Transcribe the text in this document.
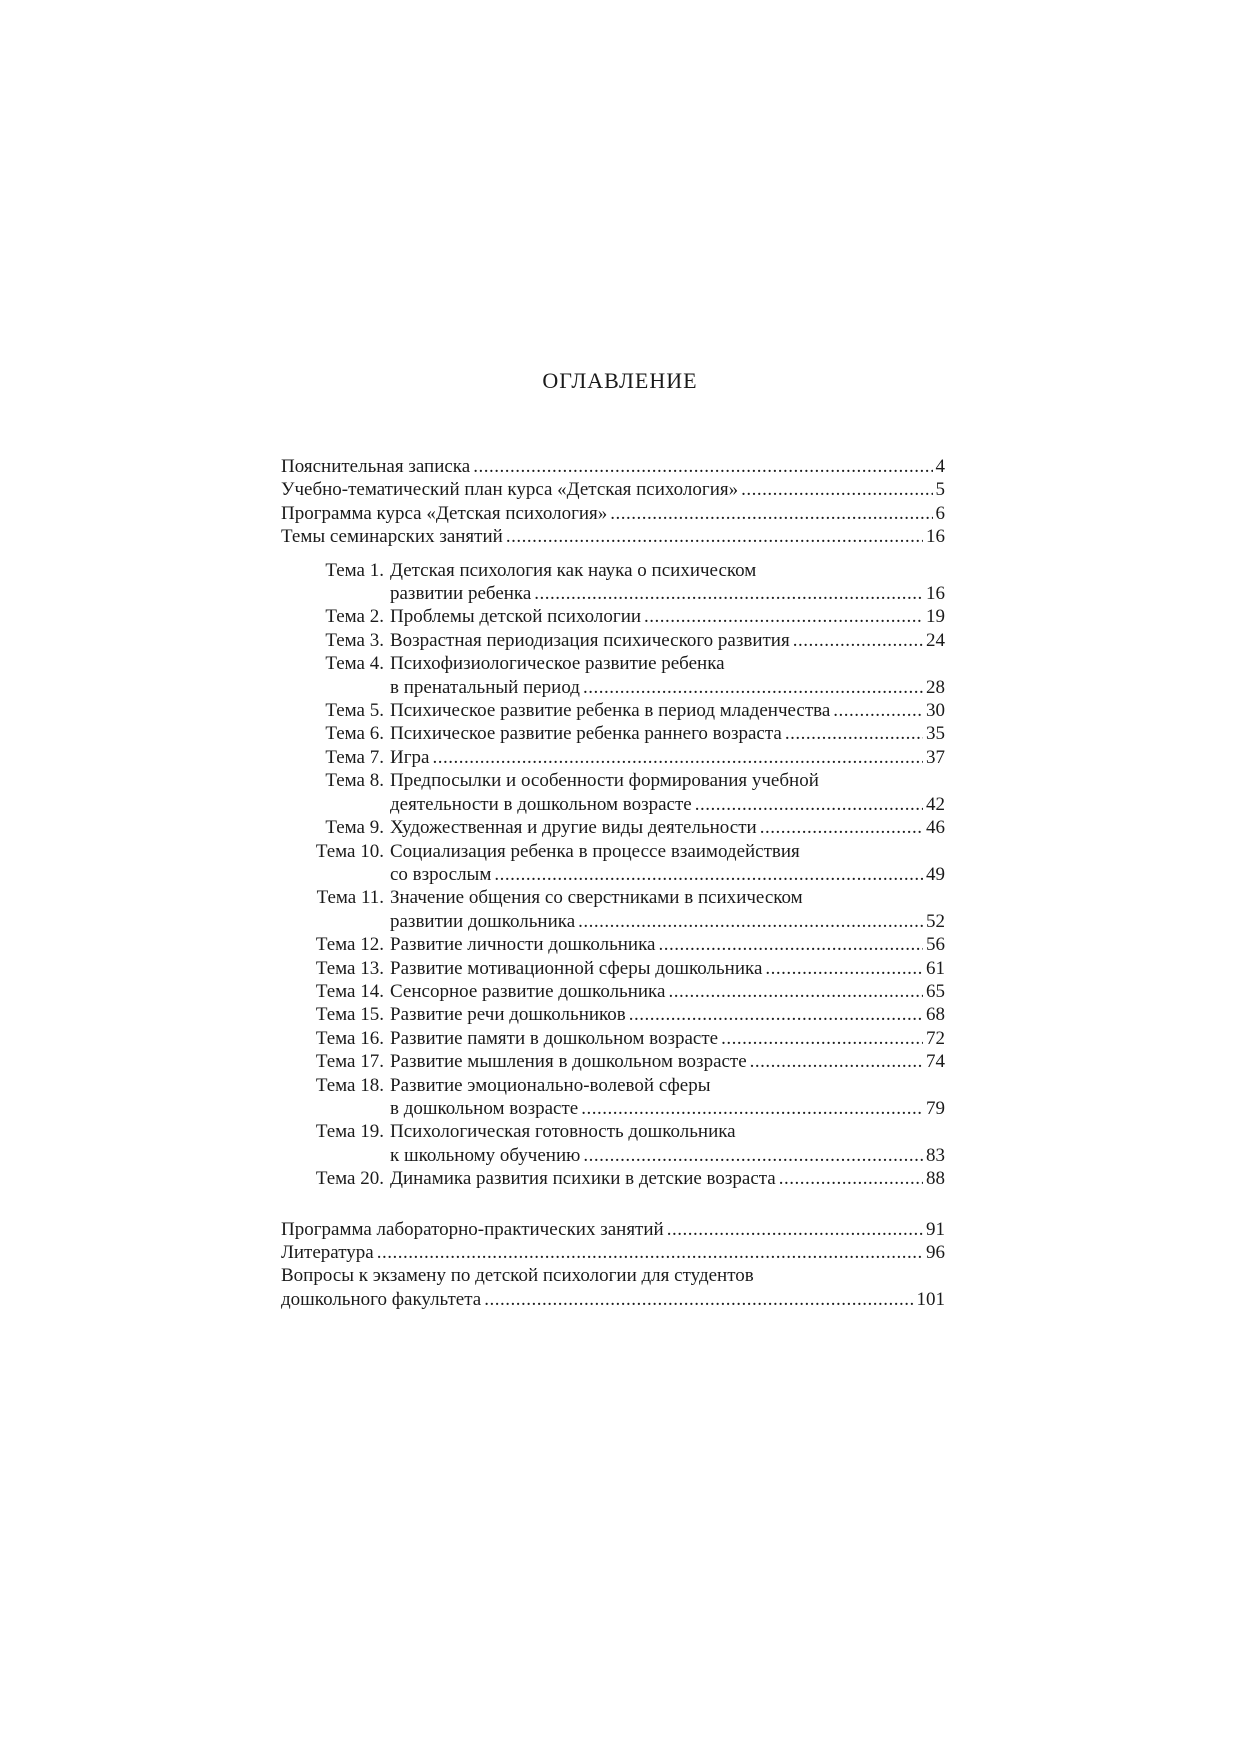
ОГЛАВЛЕНИЕ
Пояснительная записка .....	4
Учебно-тематический план курса «Детская психология» .....	5
Программа курса «Детская психология» .....	6
Темы семинарских занятий .....	16
Тема 1. Детская психология как наука о психическом
развитии ребенка .....	16
Тема 2. Проблемы детской психологии .....	19
Тема 3. Возрастная периодизация психического развития .....	24
Тема 4. Психофизиологическое развитие ребенка
в пренатальный период .....	28
Тема 5. Психическое развитие ребенка в период младенчества .....	30
Тема 6. Психическое развитие ребенка раннего возраста .....	35
Тема 7. Игра .....	37
Тема 8. Предпосылки и особенности формирования учебной
деятельности в дошкольном возрасте .....	42
Тема 9. Художественная и другие виды деятельности .....	46
Тема 10. Социализация ребенка в процессе взаимодействия
со взрослым .....	49
Тема 11. Значение общения со сверстниками в психическом
развитии дошкольника .....	52
Тема 12. Развитие личности дошкольника .....	56
Тема 13. Развитие мотивационной сферы дошкольника .....	61
Тема 14. Сенсорное развитие дошкольника .....	65
Тема 15. Развитие речи дошкольников .....	68
Тема 16. Развитие памяти в дошкольном возрасте .....	72
Тема 17. Развитие мышления в дошкольном возрасте .....	74
Тема 18. Развитие эмоционально-волевой сферы
в дошкольном возрасте .....	79
Тема 19. Психологическая готовность дошкольника
к школьному обучению .....	83
Тема 20. Динамика развития психики в детские возраста .....	88
Программа лабораторно-практических занятий .....	91
Литература .....	96
Вопросы к экзамену по детской психологии для студентов
дошкольного факультета .....	101
